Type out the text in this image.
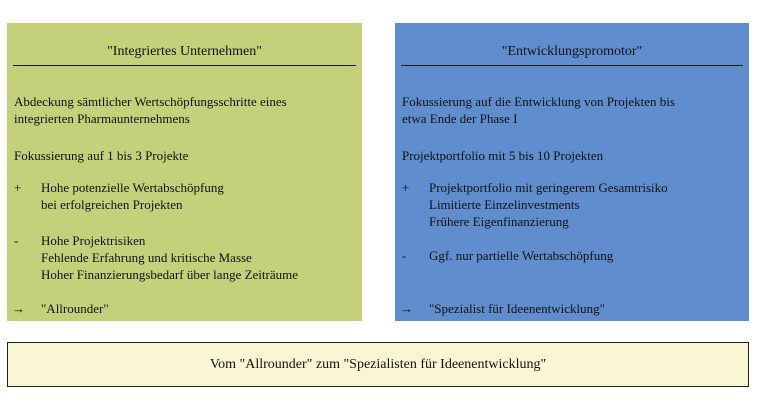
"Integriertes Unternehmen"
Abdeckung sämtlicher Wertschöpfungsschritte eines
integrierten Pharmaunternehmens
Fokussierung auf 1 bis 3 Projekte
+ Hohe potenzielle Wertabschöpfung
bei erfolgreichen Projekten
- Hohe Projektrisiken
Fehlende Erfahrung und kritische Masse
Hoher Finanzierungsbedarf über lange Zeiträume
→ "Allrounder"
"Entwicklungspromotor"
Fokussierung auf die Entwicklung von Projekten bis
etwa Ende der Phase I
Projektportfolio mit 5 bis 10 Projekten
+ Projektportfolio mit geringerem Gesamtrisiko
Limitierte Einzelinvestments
Frühere Eigenfinanzierung
- Ggf. nur partielle Wertabschöpfung
→ "Spezialist für Ideenentwicklung"
Vom "Allrounder" zum "Spezialisten für Ideenentwicklung"
